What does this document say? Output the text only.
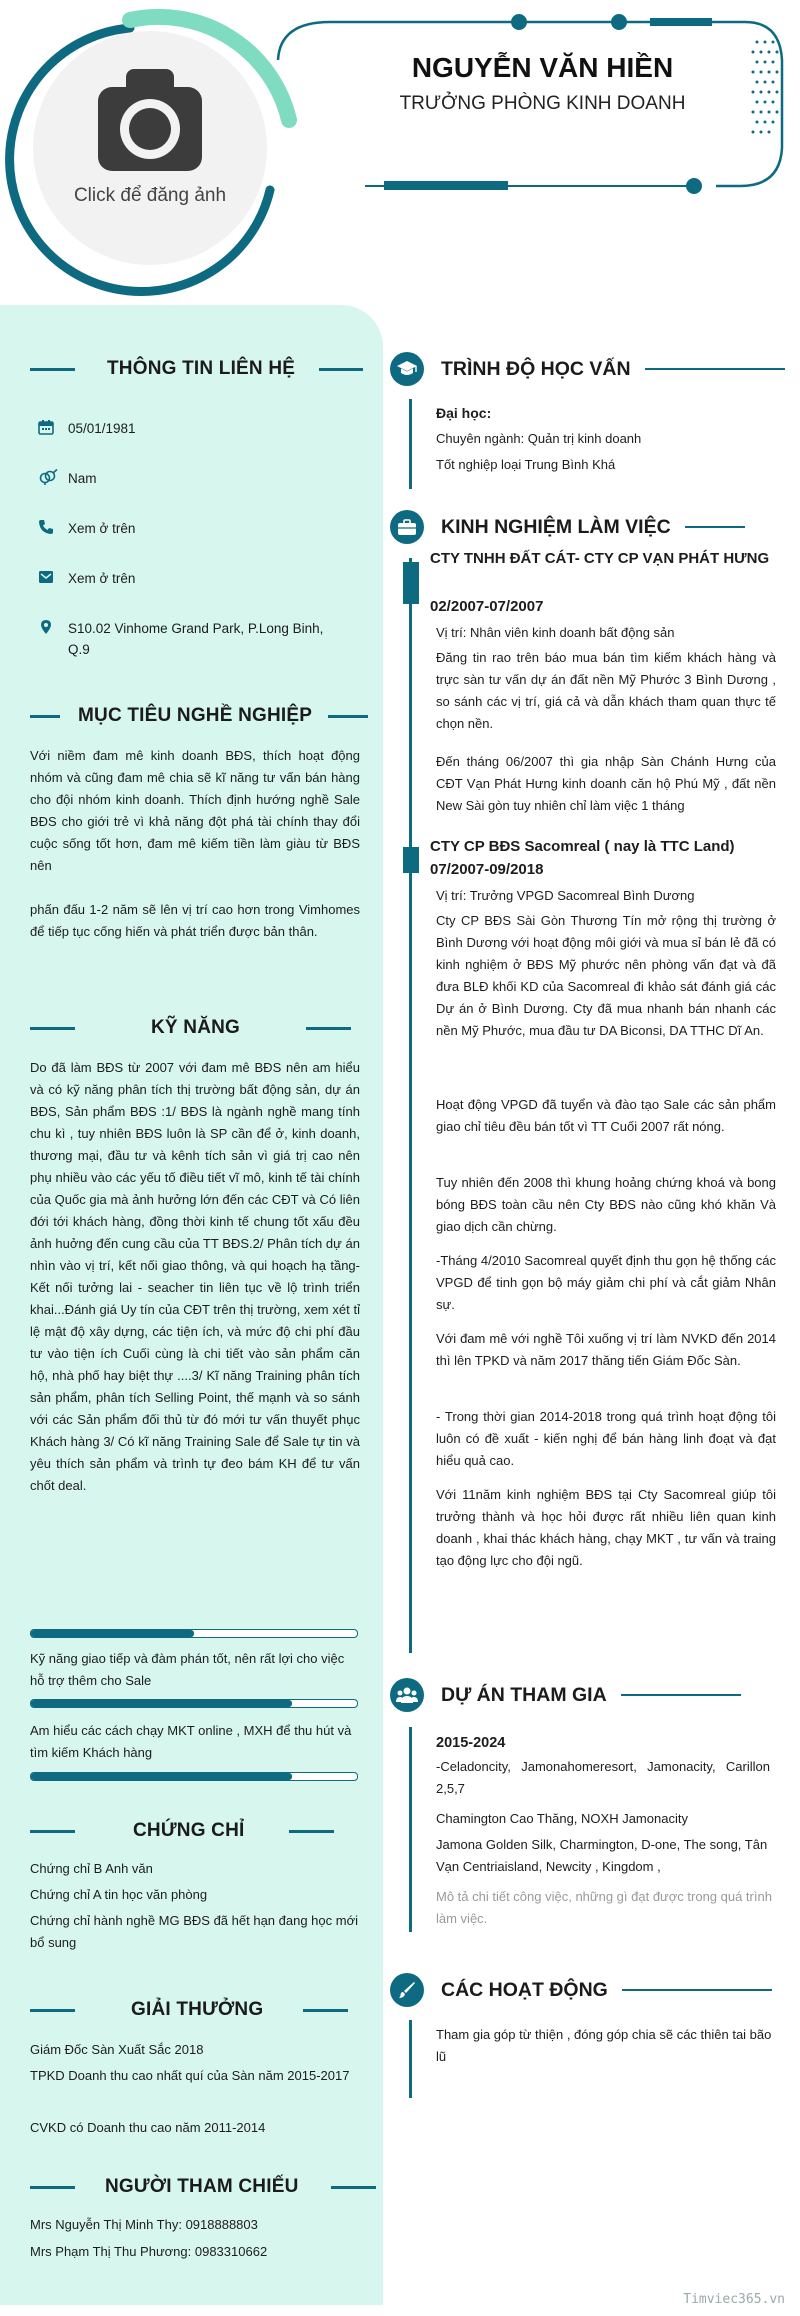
Click để đăng ảnh
NGUYỄN VĂN HIỀN
TRƯỞNG PHÒNG KINH DOANH
THÔNG TIN LIÊN HỆ
05/01/1981
Nam
Xem ở trên
Xem ở trên
S10.02 Vinhome Grand Park, P.Long Binh, Q.9
MỤC TIÊU NGHỀ NGHIỆP
Với niềm đam mê kinh doanh BĐS, thích hoạt động nhóm và cũng đam mê chia sẽ kĩ năng tư vấn bán hàng cho đội nhóm kinh doanh. Thích định hướng nghề Sale BĐS cho giới trẻ vì khả năng đột phá tài chính thay đổi cuộc sống tốt hơn, đam mê kiếm tiền làm giàu từ BĐS nên
phấn đấu 1-2 năm sẽ lên vị trí cao hơn trong Vimhomes để tiếp tục cống hiến và phát triển được bản thân.
KỸ NĂNG
Do đã làm BĐS từ 2007 với đam mê BĐS nên am hiểu và có kỹ năng phân tích thị trường bất động sản, dự án BĐS, Sản phẩm BĐS :1/ BĐS là ngành nghề mang tính chu kì , tuy nhiên BĐS luôn là SP cần để ở, kinh doanh, thương mại, đầu tư và kênh tích sản vì giá trị cao nên phụ nhiều vào các yếu tố điều tiết vĩ mô, kinh tế tài chính của Quốc gia mà ảnh hưởng lớn đến các CĐT và Có liên đới tới khách hàng, đồng thời kinh tế chung tốt xấu đều ảnh huởng đến cung cầu của TT BĐS.2/ Phân tích dự án nhìn vào vị trí, kết nối giao thông, và qui hoạch hạ tầng- Kết nối tưởng lai - seacher tin liên tục về lộ trình triển khai...Đánh giá Uy tín của CĐT trên thị trường, xem xét tỉ lệ mật độ xây dựng, các tiện ích, và mức độ chi phí đầu tư vào tiện ích Cuối cùng là chi tiết vào sản phẩm căn hộ, nhà phố hay biệt thự ....3/ Kĩ năng Training phân tích sản phẩm, phân tích Selling Point, thế mạnh và so sánh với các Sản phẩm đối thủ từ đó mới tư vấn thuyết phục Khách hàng 3/ Có kĩ năng Training Sale để Sale tự tin và yêu thích sản phẩm và trình tự đeo bám KH để tư vấn chốt deal.
Kỹ năng giao tiếp và đàm phán tốt, nên rất lợi cho việc hỗ trợ thêm cho Sale
Am hiểu các cách chạy MKT online , MXH để thu hút và tìm kiếm Khách hàng
CHỨNG CHỈ
Chứng chỉ B Anh văn
Chứng chỉ A tin học văn phòng
Chứng chỉ hành nghề MG BĐS đã hết hạn đang học mới bổ sung
GIẢI THƯỞNG
Giám Đốc Sàn Xuất Sắc 2018
TPKD Doanh thu cao nhất quí của Sàn năm 2015-2017
CVKD có Doanh thu cao năm 2011-2014
NGƯỜI THAM CHIẾU
Mrs Nguyễn Thị Minh Thy: 0918888803
Mrs Phạm Thị Thu Phương: 0983310662
TRÌNH ĐỘ HỌC VẤN
Đại học:
Chuyên ngành: Quản trị kinh doanh
Tốt nghiệp loại Trung Bình Khá
KINH NGHIỆM LÀM VIỆC
CTY TNHH ĐẤT CÁT- CTY CP VẠN PHÁT HƯNG
02/2007-07/2007
Vị trí: Nhân viên kinh doanh bất động sản
Đăng tin rao trên báo mua bán tìm kiếm khách hàng và trực sàn tư vấn dự án đất nền Mỹ Phước 3 Bình Dương , so sánh các vị trí, giá cả và dẫn khách tham quan thực tế chọn nền.
Đến tháng 06/2007 thì gia nhập Sàn Chánh Hưng của CĐT Vạn Phát Hưng kinh doanh căn hộ Phú Mỹ , đất nền New Sài gòn tuy nhiên chỉ làm việc 1 tháng
CTY CP BĐS Sacomreal ( nay là TTC Land)
07/2007-09/2018
Vị trí: Trưởng VPGD Sacomreal Bình Dương
Cty CP BĐS Sài Gòn Thương Tín mở rộng thị trường ở Bình Dương với hoạt động môi giới và mua sỉ bán lẻ đã có kinh nghiệm ở BĐS Mỹ phước nên phòng vấn đạt và đã đưa BLĐ khối KD của Sacomreal đi khảo sát đánh giá các Dự án ở Bình Dương. Cty đã mua nhanh bán nhanh các nền Mỹ Phước, mua đầu tư DA Biconsi, DA TTHC Dĩ An.
Hoạt động VPGD đã tuyển và đào tạo Sale các sản phẩm giao chỉ tiêu đều bán tốt vì TT Cuối 2007 rất nóng.
Tuy nhiên đến 2008 thì khung hoảng chứng khoá và bong bóng BĐS toàn cầu nên Cty BĐS nào cũng khó khăn Và giao dịch cần chừng.
-Tháng 4/2010 Sacomreal quyết định thu gọn hệ thống các VPGD để tinh gọn bộ máy giảm chi phí và cắt giảm Nhân sự.
Với đam mê với nghề Tôi xuống vị trí làm NVKD đến 2014 thì lên TPKD và năm 2017 thăng tiến Giám Đốc Sàn.
- Trong thời gian 2014-2018 trong quá trình hoạt động tôi luôn có đề xuất - kiến nghị để bán hàng linh đoạt và đạt hiểu quả cao.
Với 11năm kinh nghiệm BĐS tại Cty Sacomreal giúp tôi trưởng thành và học hỏi được rất nhiều liên quan kinh doanh , khai thác khách hàng, chạy MKT , tư vấn và traing tạo động lực cho đội ngũ.
DỰ ÁN THAM GIA
2015-2024
-Celadoncity, Jamonahomeresort, Jamonacity, Carillon 2,5,7
Chamington Cao Thăng, NOXH Jamonacity
Jamona Golden Silk, Charmington, D-one, The song, Tân Vạn Centriaisland, Newcity , Kingdom ,
Mô tả chi tiết công việc, những gì đạt được trong quá trình làm việc.
CÁC HOẠT ĐỘNG
Tham gia góp từ thiện , đóng góp chia sẽ các thiên tai bão lũ
Timviec365.vn
